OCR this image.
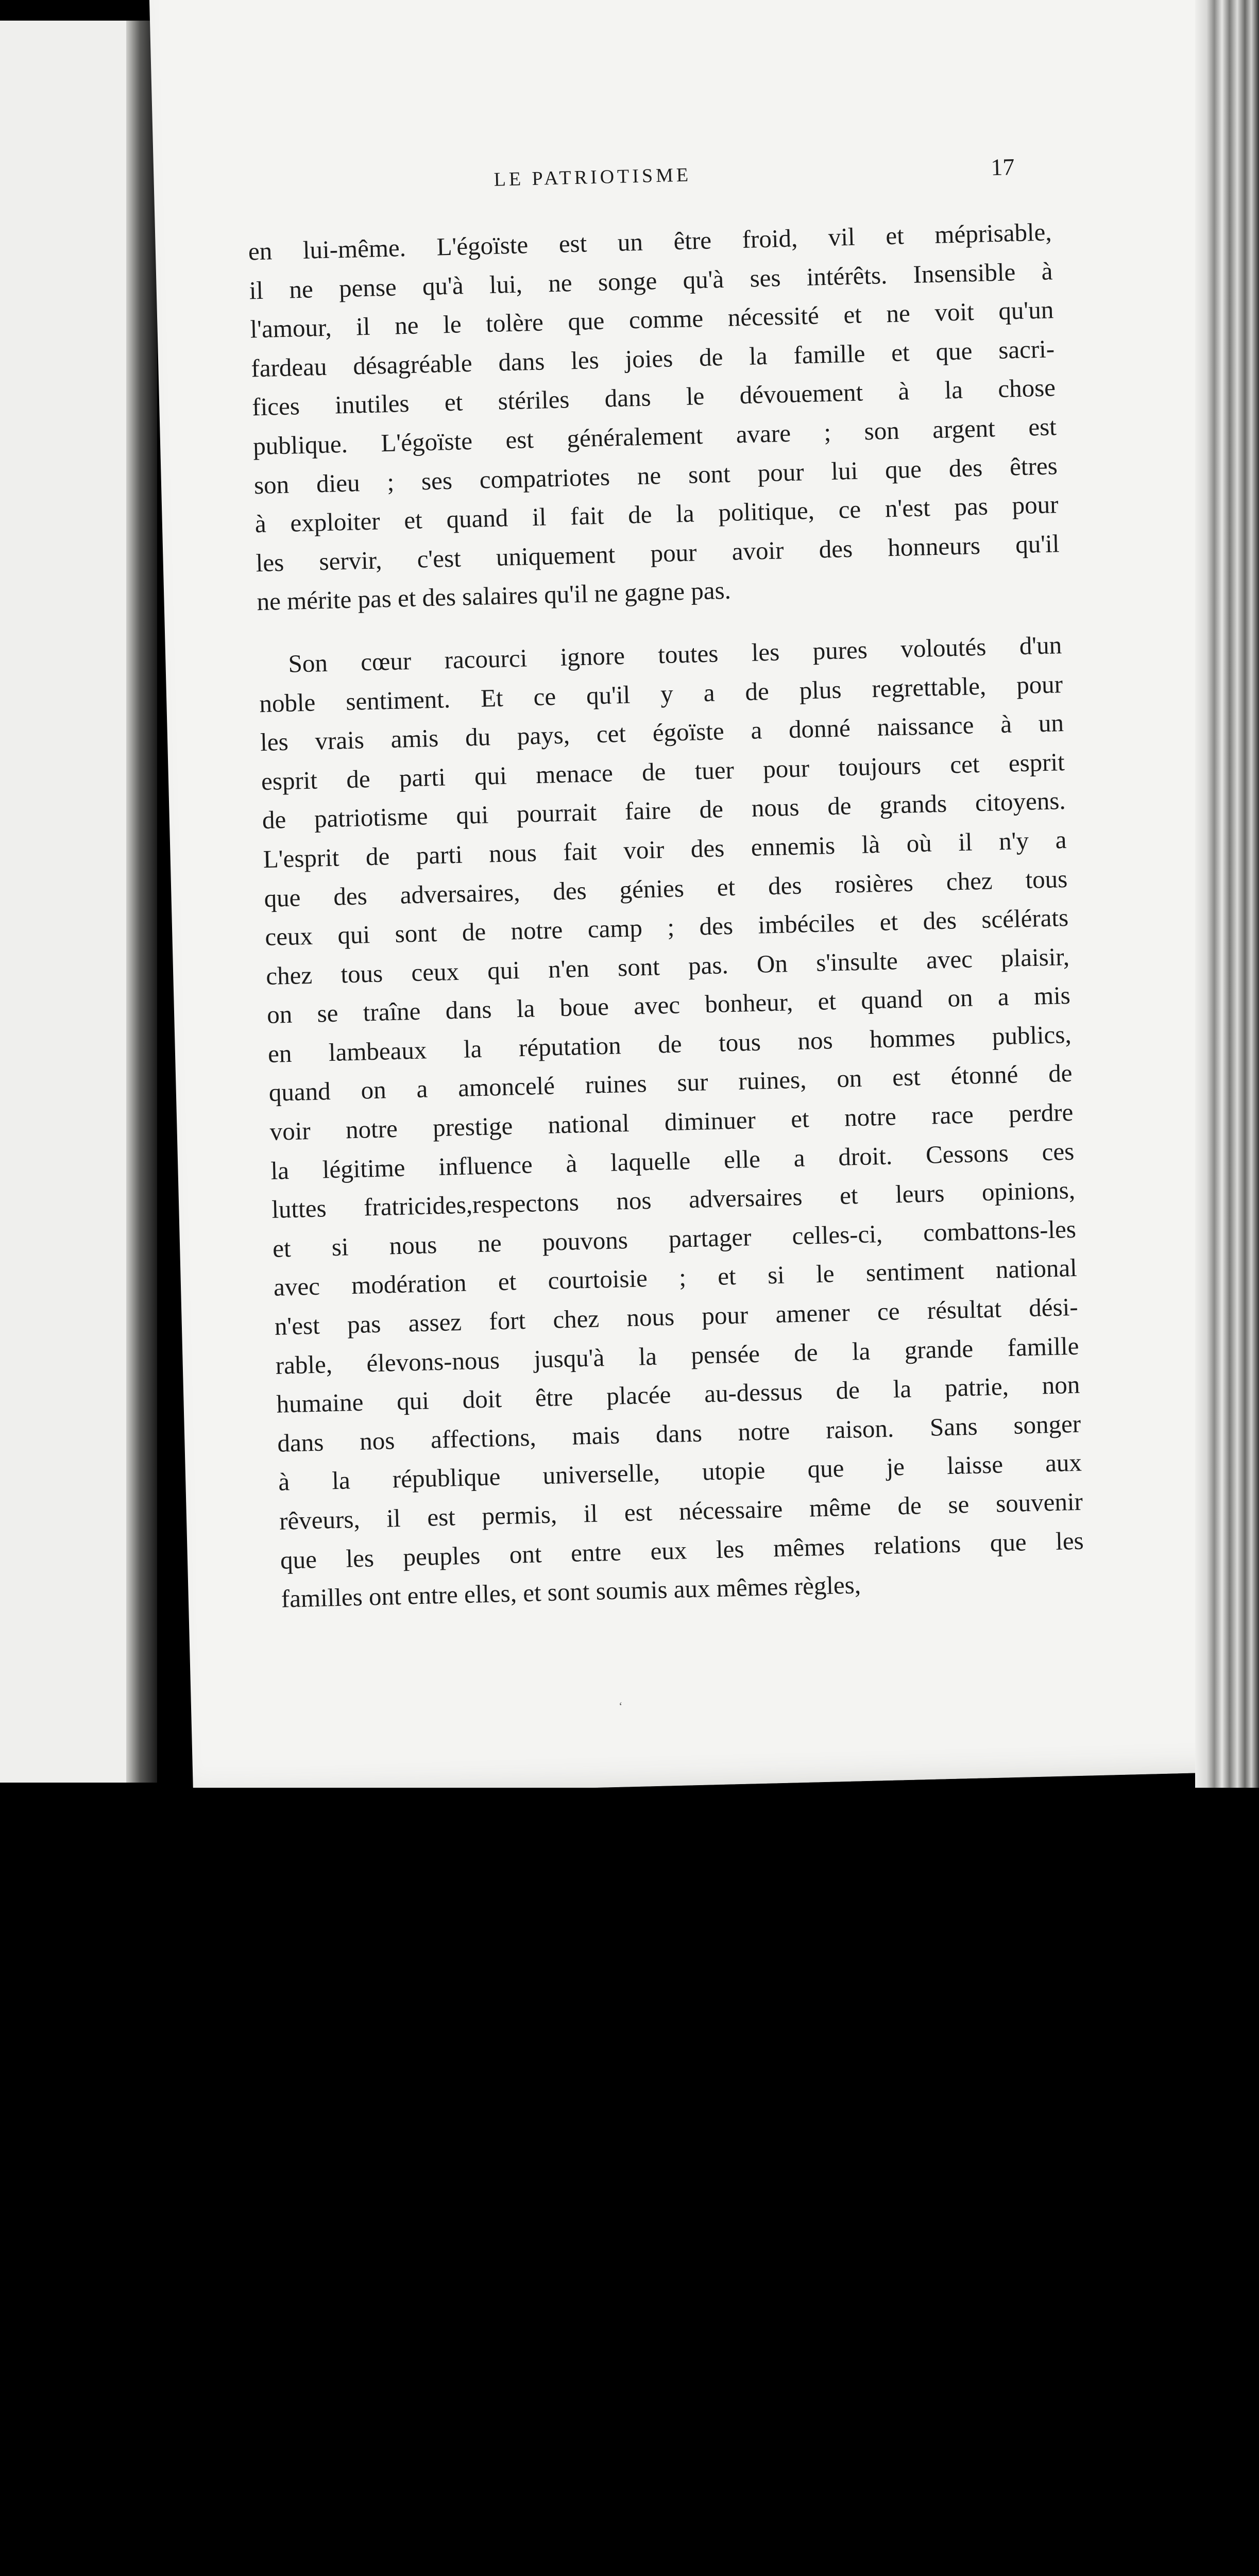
LE PATRIOTISME	17
en lui-même. L'égoïste est un être froid, vil et méprisable,
il ne pense qu'à lui, ne songe qu'à ses intérêts. Insensible à
l'amour, il ne le tolère que comme nécessité et ne voit qu'un
fardeau désagréable dans les joies de la famille et que sacri-
fices inutiles et stériles dans le dévouement à la chose
publique. L'égoïste est généralement avare ; son argent est
son dieu ; ses compatriotes ne sont pour lui que des êtres
à exploiter et quand il fait de la politique, ce n'est pas pour
les servir, c'est uniquement pour avoir des honneurs qu'il
ne mérite pas et des salaires qu'il ne gagne pas.
Son cœur racourci ignore toutes les pures voloutés d'un
noble sentiment. Et ce qu'il y a de plus regrettable, pour
les vrais amis du pays, cet égoïste a donné naissance à un
esprit de parti qui menace de tuer pour toujours cet esprit
de patriotisme qui pourrait faire de nous de grands citoyens.
L'esprit de parti nous fait voir des ennemis là où il n'y a
que des adversaires, des génies et des rosières chez tous
ceux qui sont de notre camp ; des imbéciles et des scélérats
chez tous ceux qui n'en sont pas. On s'insulte avec plaisir,
on se traîne dans la boue avec bonheur, et quand on a mis
en lambeaux la réputation de tous nos hommes publics,
quand on a amoncelé ruines sur ruines, on est étonné de
voir notre prestige national diminuer et notre race perdre
la légitime influence à laquelle elle a droit. Cessons ces
luttes fratricides,respectons nos adversaires et leurs opinions,
et si nous ne pouvons partager celles-ci, combattons-les
avec modération et courtoisie ; et si le sentiment national
n'est pas assez fort chez nous pour amener ce résultat dési-
rable, élevons-nous jusqu'à la pensée de la grande famille
humaine qui doit être placée au-dessus de la patrie, non
dans nos affections, mais dans notre raison. Sans songer
à la république universelle, utopie que je laisse aux
rêveurs, il est permis, il est nécessaire même de se souvenir
que les peuples ont entre eux les mêmes relations que les
familles ont entre elles, et sont soumis aux mêmes règles,
‘
